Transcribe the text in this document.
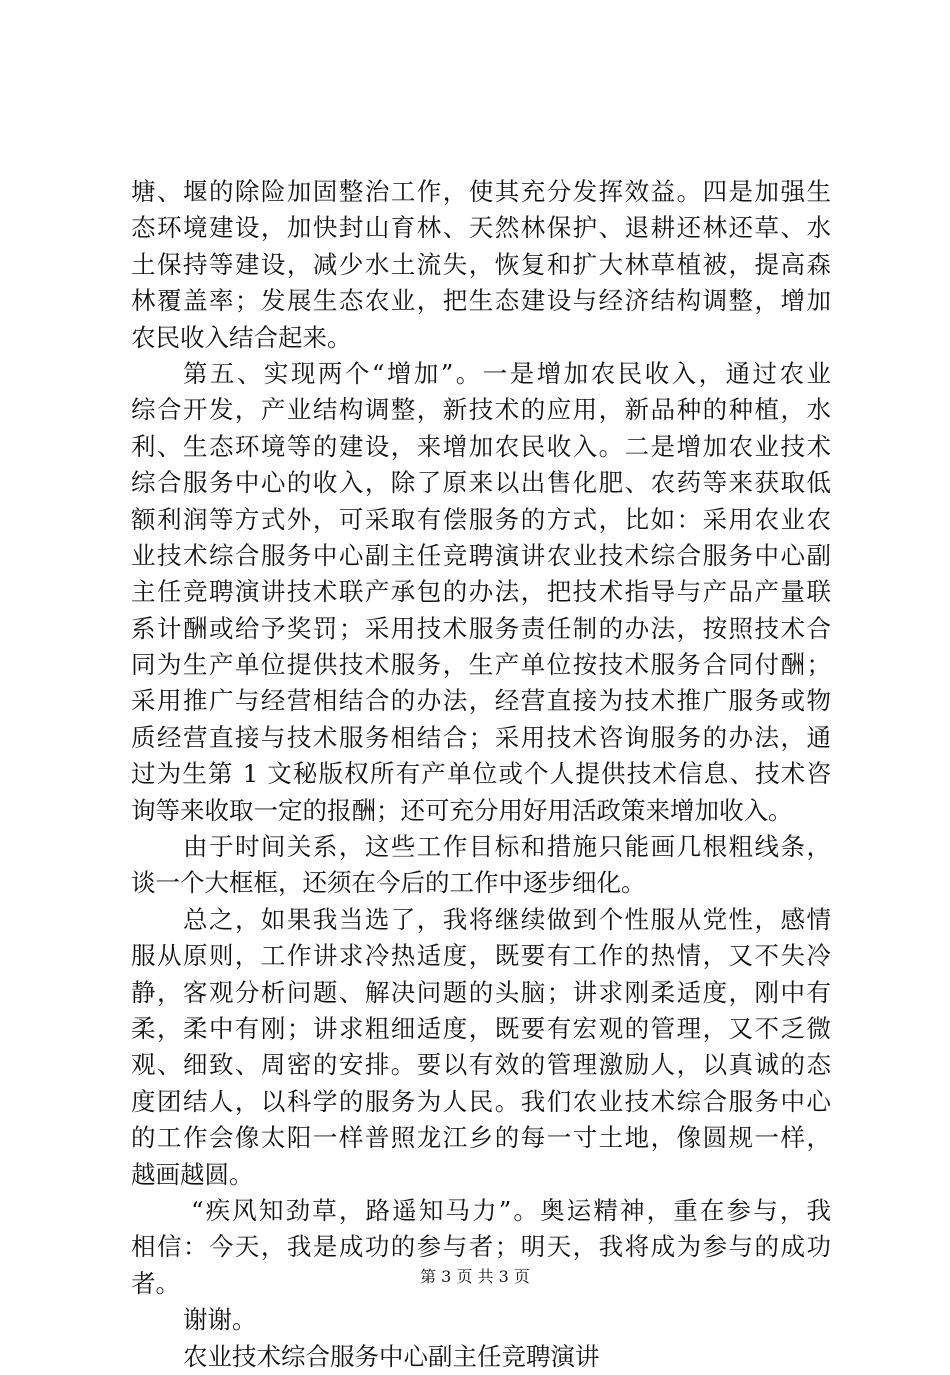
塘、堰的除险加固整治工作，使其充分发挥效益。四是加强生
态环境建设，加快封山育林、天然林保护、退耕还林还草、水
土保持等建设，减少水土流失，恢复和扩大林草植被，提高森
林覆盖率；发展生态农业，把生态建设与经济结构调整，增加
农民收入结合起来。
第五、实现两个“增加”。一是增加农民收入，通过农业
综合开发，产业结构调整，新技术的应用，新品种的种植，水
利、生态环境等的建设，来增加农民收入。二是增加农业技术
综合服务中心的收入，除了原来以出售化肥、农药等来获取低
额利润等方式外，可采取有偿服务的方式，比如：采用农业农
业技术综合服务中心副主任竞聘演讲农业技术综合服务中心副
主任竞聘演讲技术联产承包的办法，把技术指导与产品产量联
系计酬或给予奖罚；采用技术服务责任制的办法，按照技术合
同为生产单位提供技术服务，生产单位按技术服务合同付酬；
采用推广与经营相结合的办法，经营直接为技术推广服务或物
质经营直接与技术服务相结合；采用技术咨询服务的办法，通
过为生第 1 文秘版权所有产单位或个人提供技术信息、技术咨
询等来收取一定的报酬；还可充分用好用活政策来增加收入。
由于时间关系，这些工作目标和措施只能画几根粗线条，
谈一个大框框，还须在今后的工作中逐步细化。
总之，如果我当选了，我将继续做到个性服从党性，感情
服从原则，工作讲求冷热适度，既要有工作的热情，又不失冷
静，客观分析问题、解决问题的头脑；讲求刚柔适度，刚中有
柔，柔中有刚；讲求粗细适度，既要有宏观的管理，又不乏微
观、细致、周密的安排。要以有效的管理激励人，以真诚的态
度团结人，以科学的服务为人民。我们农业技术综合服务中心
的工作会像太阳一样普照龙江乡的每一寸土地，像圆规一样，
越画越圆。
“疾风知劲草，路遥知马力”。奥运精神，重在参与，我
相信：今天，我是成功的参与者；明天，我将成为参与的成功
者。
谢谢。
农业技术综合服务中心副主任竞聘演讲
第 3 页 共 3 页
